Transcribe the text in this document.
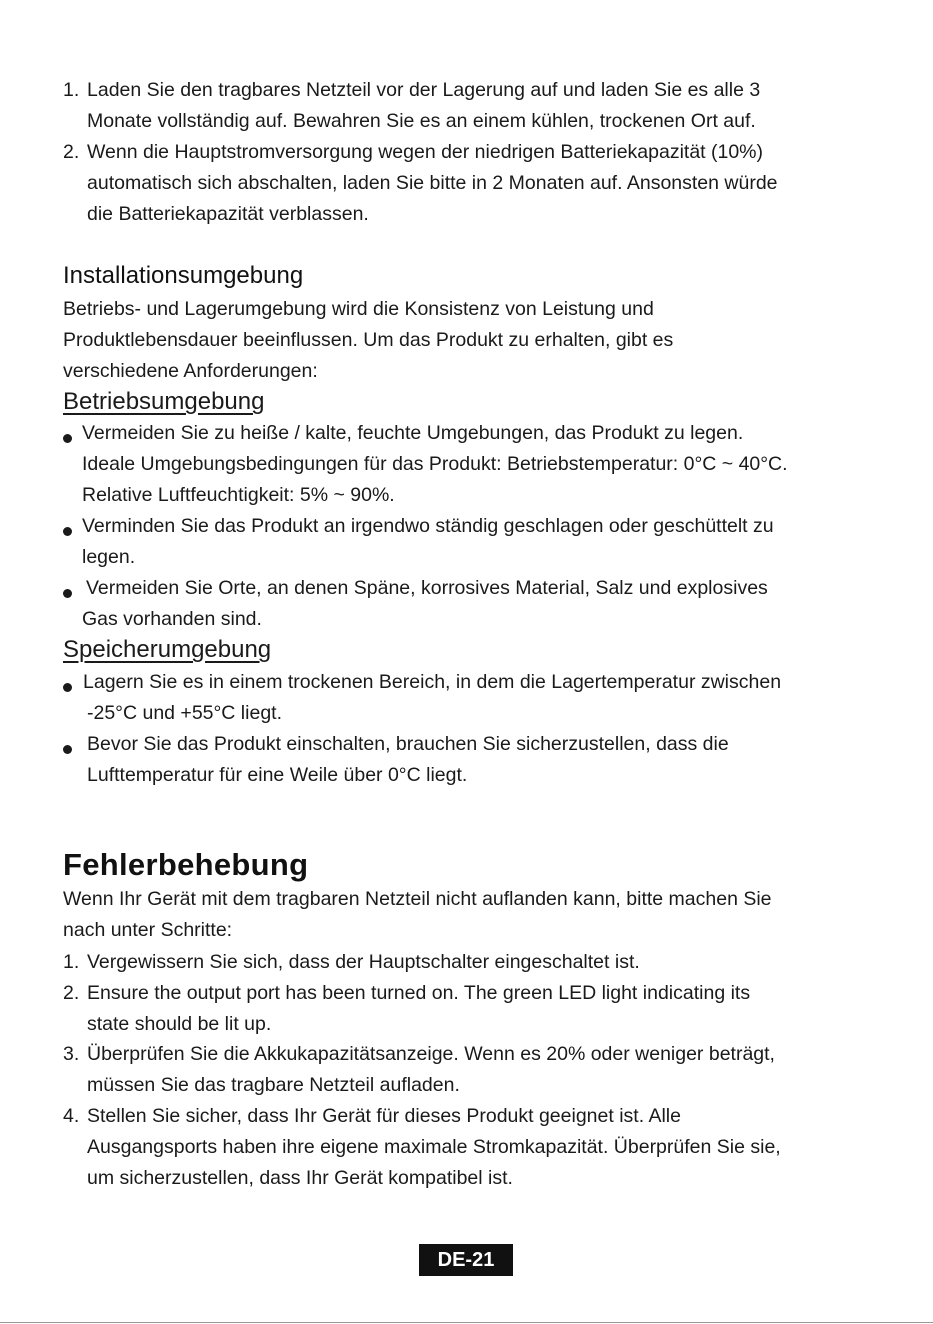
1. Laden Sie den tragbares Netzteil vor der Lagerung auf und laden Sie es alle 3
Monate vollständig auf. Bewahren Sie es an einem kühlen, trockenen Ort auf.
2. Wenn die Hauptstromversorgung wegen der niedrigen Batteriekapazität (10%)
automatisch sich abschalten, laden Sie bitte in 2 Monaten auf. Ansonsten würde
die Batteriekapazität verblassen.
Installationsumgebung
Betriebs- und Lagerumgebung wird die Konsistenz von Leistung und
Produktlebensdauer beeinflussen. Um das Produkt zu erhalten, gibt es
verschiedene Anforderungen:
Betriebsumgebung
Vermeiden Sie zu heiße / kalte, feuchte Umgebungen, das Produkt zu legen.
Ideale Umgebungsbedingungen für das Produkt: Betriebstemperatur: 0°C ~ 40°C.
Relative Luftfeuchtigkeit: 5% ~ 90%.
Verminden Sie das Produkt an irgendwo ständig geschlagen oder geschüttelt zu
legen.
Vermeiden Sie Orte, an denen Späne, korrosives Material, Salz und explosives
Gas vorhanden sind.
Speicherumgebung
Lagern Sie es in einem trockenen Bereich, in dem die Lagertemperatur zwischen
-25°C und +55°C liegt.
Bevor Sie das Produkt einschalten, brauchen Sie sicherzustellen, dass die
Lufttemperatur für eine Weile über 0°C liegt.
Fehlerbehebung
Wenn Ihr Gerät mit dem tragbaren Netzteil nicht auflanden kann, bitte machen Sie
nach unter Schritte:
1. Vergewissern Sie sich, dass der Hauptschalter eingeschaltet ist.
2. Ensure the output port has been turned on. The green LED light indicating its
state should be lit up.
3. Überprüfen Sie die Akkukapazitätsanzeige. Wenn es 20% oder weniger beträgt,
müssen Sie das tragbare Netzteil aufladen.
4. Stellen Sie sicher, dass Ihr Gerät für dieses Produkt geeignet ist. Alle
Ausgangsports haben ihre eigene maximale Stromkapazität. Überprüfen Sie sie,
um sicherzustellen, dass Ihr Gerät kompatibel ist.
DE-21
